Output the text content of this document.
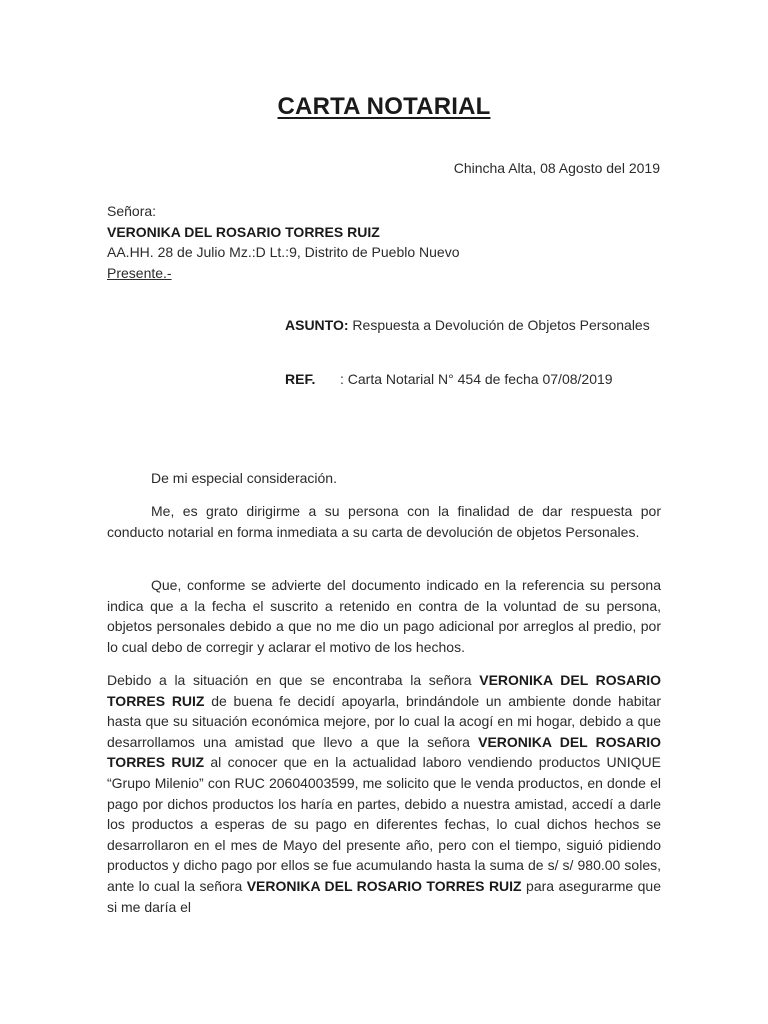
CARTA NOTARIAL
Chincha Alta, 08 Agosto del 2019
Señora:
VERONIKA DEL ROSARIO TORRES RUIZ
AA.HH. 28 de Julio Mz.:D Lt.:9, Distrito de Pueblo Nuevo
Presente.-
ASUNTO: Respuesta a Devolución de Objetos Personales
REF. : Carta Notarial N° 454 de fecha 07/08/2019
De mi especial consideración.
Me, es grato dirigirme a su persona con la finalidad de dar respuesta por conducto notarial en forma inmediata a su carta de devolución de objetos Personales.
Que, conforme se advierte del documento indicado en la referencia su persona indica que a la fecha el suscrito a retenido en contra de la voluntad de su persona, objetos personales debido a que no me dio un pago adicional por arreglos al predio, por lo cual debo de corregir y aclarar el motivo de los hechos.
Debido a la situación en que se encontraba la señora VERONIKA DEL ROSARIO TORRES RUIZ de buena fe decidí apoyarla, brindándole un ambiente donde habitar hasta que su situación económica mejore, por lo cual la acogí en mi hogar, debido a que desarrollamos una amistad que llevo a que la señora VERONIKA DEL ROSARIO TORRES RUIZ al conocer que en la actualidad laboro vendiendo productos UNIQUE “Grupo Milenio” con RUC 20604003599, me solicito que le venda productos, en donde el pago por dichos productos los haría en partes, debido a nuestra amistad, accedí a darle los productos a esperas de su pago en diferentes fechas, lo cual dichos hechos se desarrollaron en el mes de Mayo del presente año, pero con el tiempo, siguió pidiendo productos y dicho pago por ellos se fue acumulando hasta la suma de s/ s/ 980.00 soles, ante lo cual la señora VERONIKA DEL ROSARIO TORRES RUIZ para asegurarme que si me daría el
